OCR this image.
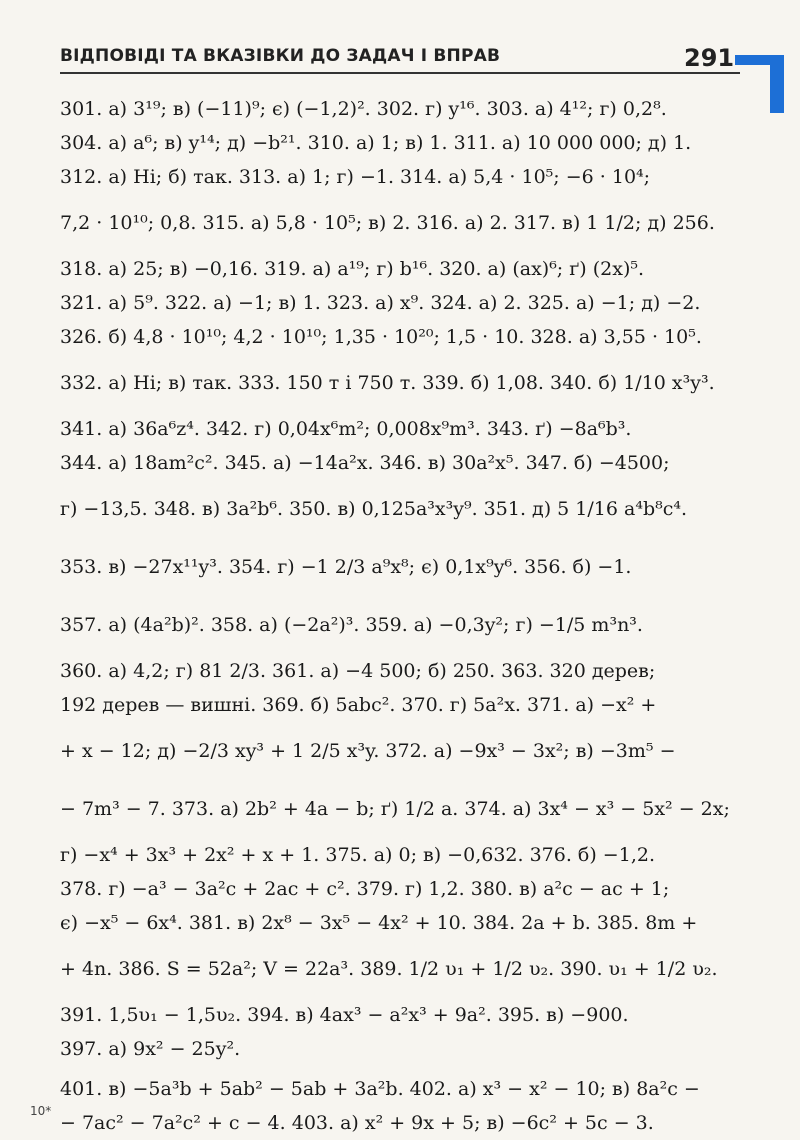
ВІДПОВІДІ ТА ВКАЗІВКИ ДО ЗАДАЧ І ВПРАВ	291
301. а) 3¹⁹; в) (−11)⁹; є) (−1,2)². 302. г) y¹⁶. 303. а) 4¹²; г) 0,2⁸.
304. а) a⁶; в) y¹⁴; д) −b²¹. 310. а) 1; в) 1. 311. а) 10 000 000; д) 1.
312. а) Ні; б) так. 313. а) 1; г) −1. 314. а) 5,4 · 10⁵; −6 · 10⁴;
7,2 · 10¹⁰; 0,8. 315. а) 5,8 · 10⁵; в) 2. 316. а) 2. 317. в) 1 1/2; д) 256.
318. а) 25; в) −0,16. 319. а) a¹⁹; г) b¹⁶. 320. а) (ax)⁶; ґ) (2x)⁵.
321. а) 5⁹. 322. а) −1; в) 1. 323. а) x⁹. 324. а) 2. 325. а) −1; д) −2.
326. б) 4,8 · 10¹⁰; 4,2 · 10¹⁰; 1,35 · 10²⁰; 1,5 · 10. 328. а) 3,55 · 10⁵.
332. а) Ні; в) так. 333. 150 т і 750 т. 339. б) 1,08. 340. б) 1/10 x³y³.
341. а) 36a⁶z⁴. 342. г) 0,04x⁶m²; 0,008x⁹m³. 343. ґ) −8a⁶b³.
344. а) 18am²c². 345. а) −14a²x. 346. в) 30a²x⁵. 347. б) −4500;
г) −13,5. 348. в) 3a²b⁶. 350. в) 0,125a³x³y⁹. 351. д) 5 1/16 a⁴b⁸c⁴.
353. в) −27x¹¹y³. 354. г) −1 2/3 a⁹x⁸; є) 0,1x⁹y⁶. 356. б) −1.
357. а) (4a²b)². 358. а) (−2a²)³. 359. а) −0,3y²; г) −1/5 m³n³.
360. а) 4,2; г) 81 2/3. 361. а) −4 500; б) 250. 363. 320 дерев;
192 дерев — вишні. 369. б) 5abc². 370. г) 5a²x. 371. а) −x² +
+ x − 12; д) −2/3 xy³ + 1 2/5 x³y. 372. а) −9x³ − 3x²; в) −3m⁵ −
− 7m³ − 7. 373. а) 2b² + 4a − b; ґ) 1/2 a. 374. а) 3x⁴ − x³ − 5x² − 2x;
г) −x⁴ + 3x³ + 2x² + x + 1. 375. а) 0; в) −0,632. 376. б) −1,2.
378. г) −a³ − 3a²c + 2ac + c². 379. г) 1,2. 380. в) a²c − ac + 1;
є) −x⁵ − 6x⁴. 381. в) 2x⁸ − 3x⁵ − 4x² + 10. 384. 2a + b. 385. 8m +
+ 4n. 386. S = 52a²; V = 22a³. 389. 1/2 υ₁ + 1/2 υ₂. 390. υ₁ + 1/2 υ₂.
391. 1,5υ₁ − 1,5υ₂. 394. в) 4ax³ − a²x³ + 9a². 395. в) −900.
397. а) 9x² − 25y².
401. в) −5a³b + 5ab² − 5ab + 3a²b. 402. а) x³ − x² − 10; в) 8a²c −
− 7ac² − 7a²c² + c − 4. 403. а) x² + 9x + 5; в) −6c² + 5c − 3.
10*
